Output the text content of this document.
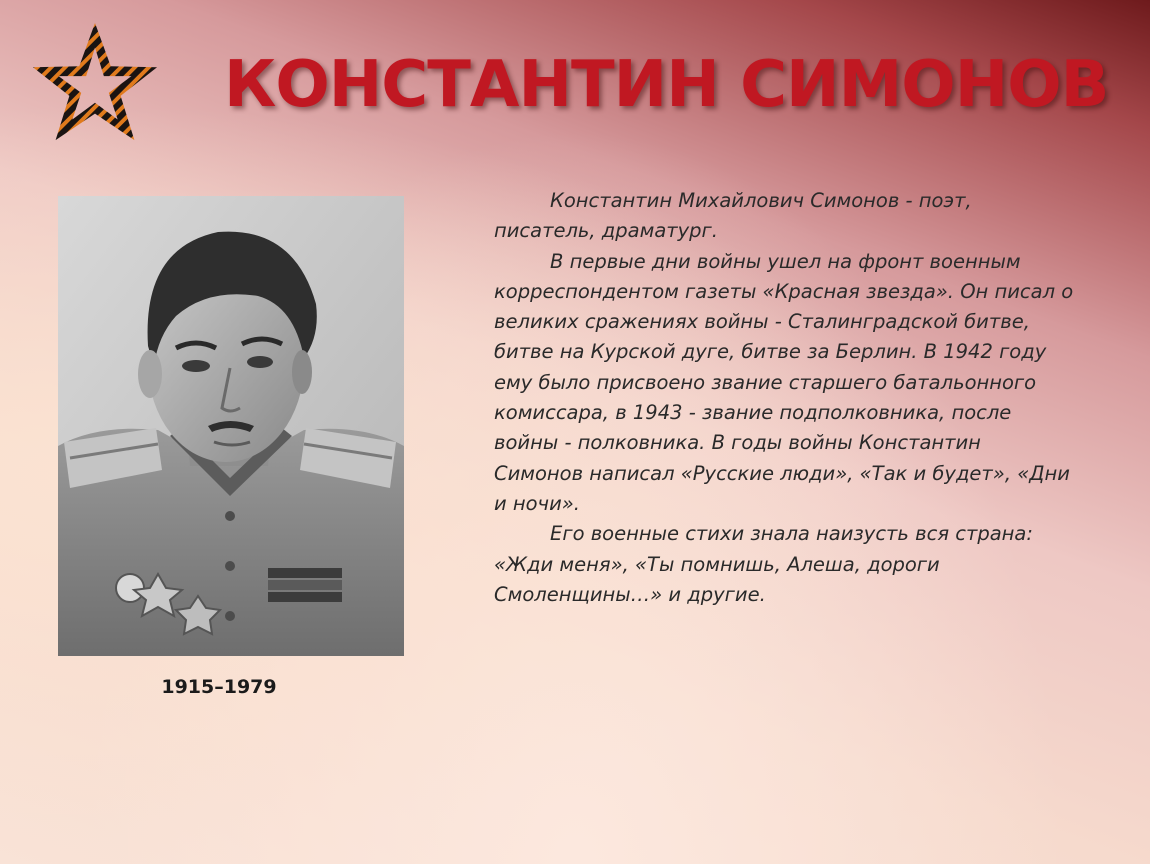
КОНСТАНТИН СИМОНОВ
1915–1979

Константин Михайлович Симонов - поэт, писатель, драматург.

В первые дни войны ушел на фронт военным корреспондентом газеты «Красная звезда». Он писал о великих сражениях войны - Сталинградской битве, битве на Курской дуге, битве за Берлин. В 1942 году ему было присвоено звание старшего батальонного комиссара, в 1943 - звание подполковника, после войны - полковника. В годы войны Константин Симонов написал «Русские люди», «Так и будет», «Дни и ночи».

Его военные стихи знала наизусть вся страна: «Жди меня», «Ты помнишь, Алеша, дороги Смоленщины…» и другие.
